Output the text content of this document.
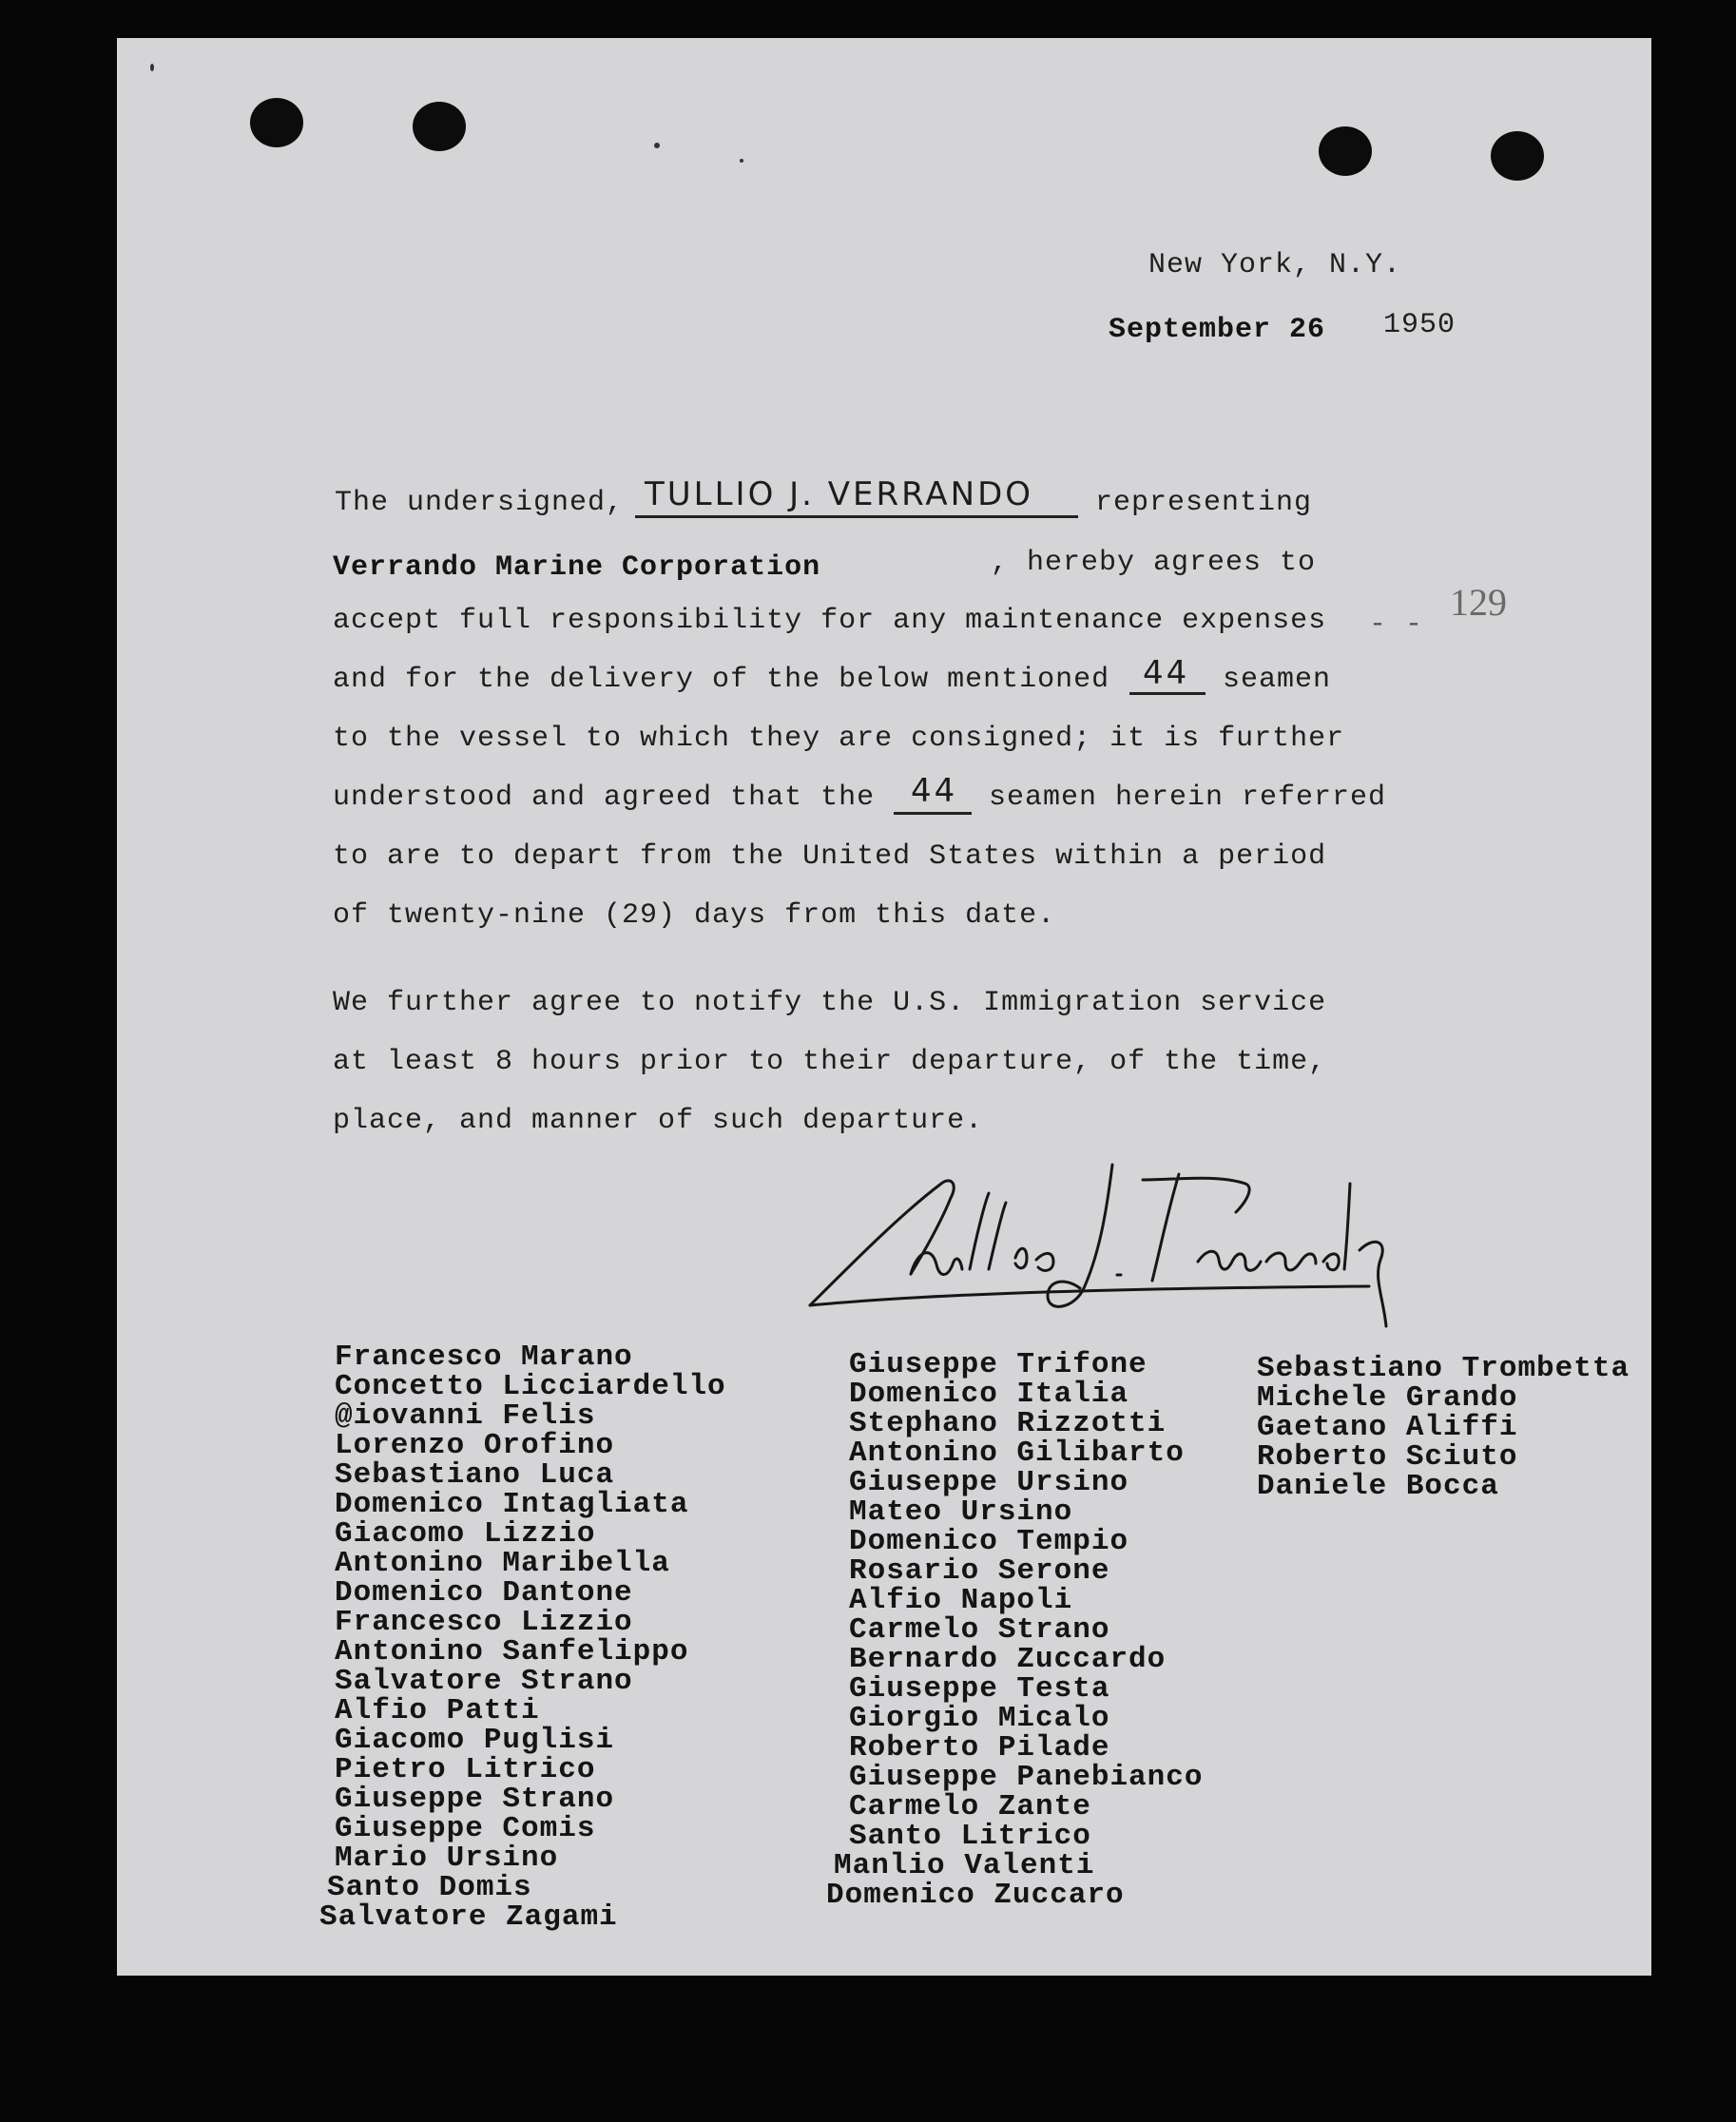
New York, N.Y.
September 26 1950
129
The undersigned, TULLIO J. VERRANDO representing
Verrando Marine Corporation	, hereby agrees to
accept full responsibility for any maintenance expenses - -
and for the delivery of the below mentioned 44 seamen
to the vessel to which they are consigned; it is further
understood and agreed that the 44 seamen herein referred
to are to depart from the United States within a period
of twenty-nine (29) days from this date.
We further agree to notify the U.S. Immigration service
at least 8 hours prior to their departure, of the time,
place, and manner of such departure.
Francesco Marano
Concetto Licciardello
@iovanni Felis
Lorenzo Orofino
Sebastiano Luca
Domenico Intagliata
Giacomo Lizzio
Antonino Maribella
Domenico Dantone
Francesco Lizzio
Antonino Sanfelippo
Salvatore Strano
Alfio Patti
Giacomo Puglisi
Pietro Litrico
Giuseppe Strano
Giuseppe Comis
Mario Ursino
Santo Domis
Salvatore Zagami
Giuseppe Trifone
Domenico Italia
Stephano Rizzotti
Antonino Gilibarto
Giuseppe Ursino
Mateo Ursino
Domenico Tempio
Rosario Serone
Alfio Napoli
Carmelo Strano
Bernardo Zuccardo
Giuseppe Testa
Giorgio Micalo
Roberto Pilade
Giuseppe Panebianco
Carmelo Zante
Santo Litrico
Manlio Valenti
Domenico Zuccaro
Sebastiano Trombetta
Michele Grando
Gaetano Aliffi
Roberto Sciuto
Daniele Bocca
